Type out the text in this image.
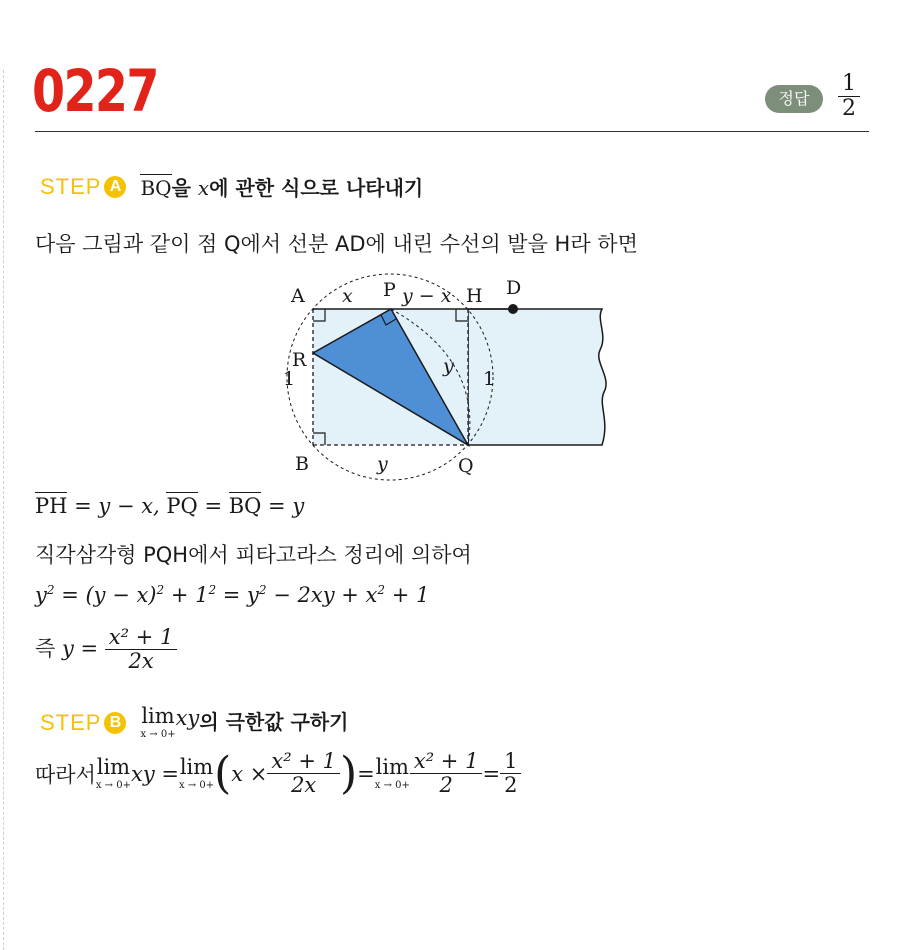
0227	정답	$\frac{1}{2}$
STEP A BQ을 x에 관한 식으로 나타내기
다음 그림과 같이 점 Q에서 선분 AD에 내린 수선의 발을 H라 하면
A x P y − x H D
R
1
y
1
B	y	Q
PH = y − x, PQ = BQ = y
직각삼각형 PQH에서 피타고라스 정리에 의하여
$y^2 = (y - x)^2 + 1^2 = y^2 - 2xy + x^2 + 1$
즉 $y = \frac{\text{x² + 1}}{2x}$
STEP B lim
x → 0+
xy 의 극한값 구하기
따라서 lim
x → 0+ xy = lim
x → 0+ ( $x \times \frac{\text{x² + 1}}{2x}$ ) = lim
$x \to 0+ \frac{\text{x² + 1}}{2} = \frac{1}{2}$
